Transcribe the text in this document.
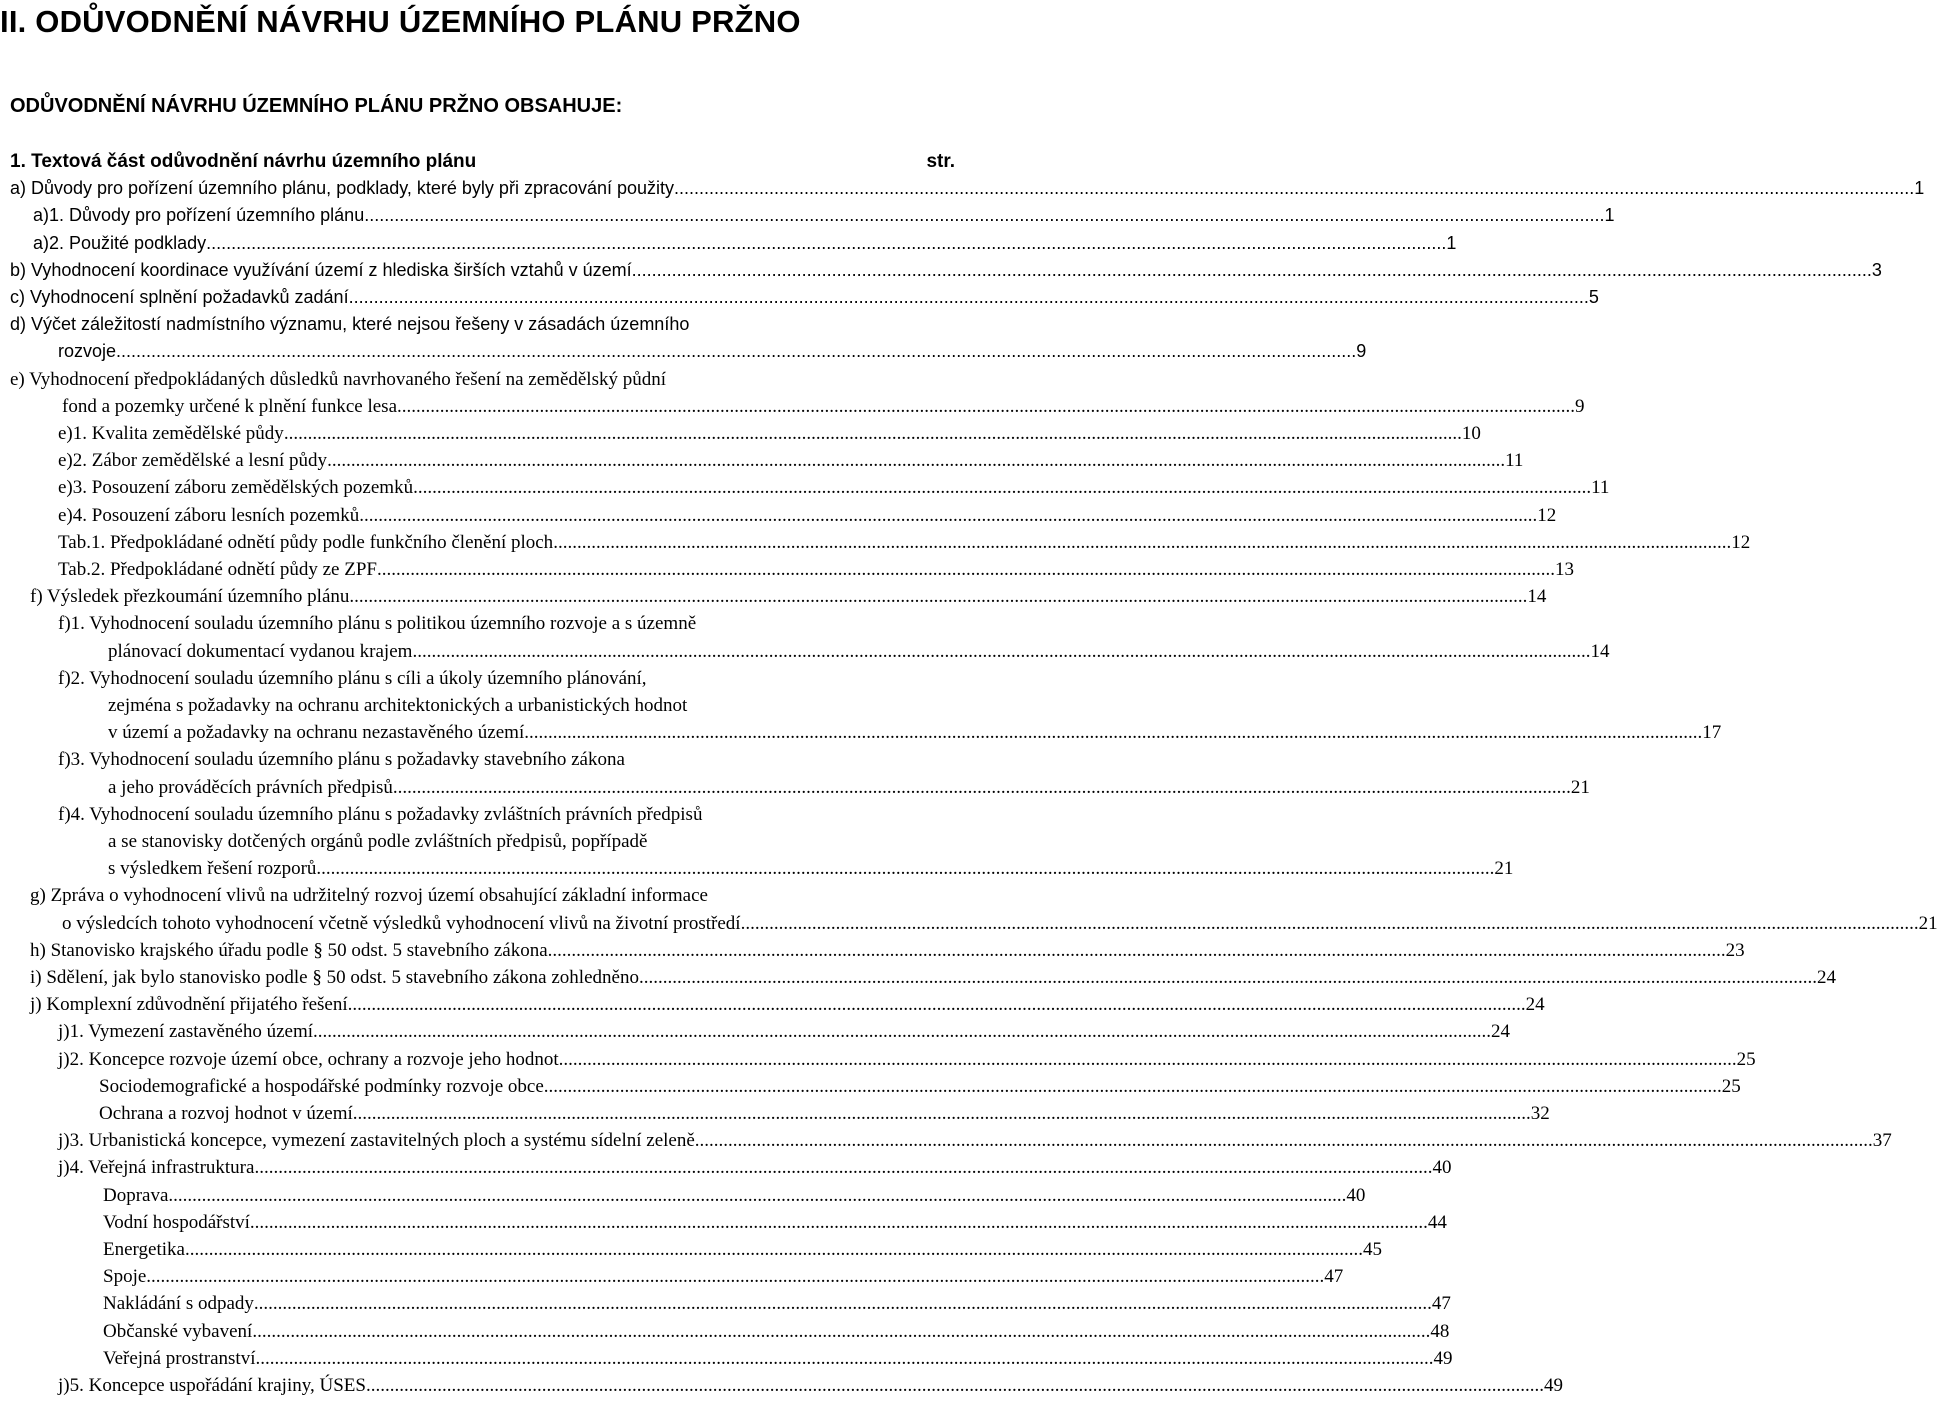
II. ODŮVODNĚNÍ NÁVRHU ÚZEMNÍHO PLÁNU PRŽNO
ODŮVODNĚNÍ NÁVRHU ÚZEMNÍHO PLÁNU PRŽNO OBSAHUJE:
1. Textová část odůvodnění návrhu územního plánu	str.
a) Důvody pro pořízení územního plánu, podklady, které byly při zpracování použity .....	1
a)1. Důvody pro pořízení územního plánu .....	1
a)2. Použité podklady .....	1
b) Vyhodnocení koordinace využívání území z hlediska širších vztahů v území .....	3
c) Vyhodnocení splnění požadavků zadání .....	5
d) Výčet záležitostí nadmístního významu, které nejsou řešeny v zásadách územního
rozvoje .....	9
e) Vyhodnocení předpokládaných důsledků navrhovaného řešení na zemědělský půdní
fond a pozemky určené k plnění funkce lesa .....	9
e)1. Kvalita zemědělské půdy .....	10
e)2. Zábor zemědělské a lesní půdy .....	11
e)3. Posouzení záboru zemědělských pozemků .....	11
e)4. Posouzení záboru lesních pozemků .....	12
Tab.1. Předpokládané odnětí půdy podle funkčního členění ploch .....	12
Tab.2. Předpokládané odnětí půdy ze ZPF .....	13
f) Výsledek přezkoumání územního plánu .....	14
f)1. Vyhodnocení souladu územního plánu s politikou územního rozvoje a s územně
plánovací dokumentací vydanou krajem .....	14
f)2. Vyhodnocení souladu územního plánu s cíli a úkoly územního plánování,
zejména s požadavky na ochranu architektonických a urbanistických hodnot
v území a požadavky na ochranu nezastavěného území .....	17
f)3. Vyhodnocení souladu územního plánu s požadavky stavebního zákona
a jeho prováděcích právních předpisů .....	21
f)4. Vyhodnocení souladu územního plánu s požadavky zvláštních právních předpisů
a se stanovisky dotčených orgánů podle zvláštních předpisů, popřípadě
s výsledkem řešení rozporů .....	21
g) Zpráva o vyhodnocení vlivů na udržitelný rozvoj území obsahující základní informace
o výsledcích tohoto vyhodnocení včetně výsledků vyhodnocení vlivů na životní prostředí .....	21
h) Stanovisko krajského úřadu podle § 50 odst. 5 stavebního zákona .....	23
i) Sdělení, jak bylo stanovisko podle § 50 odst. 5 stavebního zákona zohledněno .....	24
j) Komplexní zdůvodnění přijatého řešení .....	24
j)1. Vymezení zastavěného území .....	24
j)2. Koncepce rozvoje území obce, ochrany a rozvoje jeho hodnot .....	25
Sociodemografické a hospodářské podmínky rozvoje obce .....	25
Ochrana a rozvoj hodnot v území .....	32
j)3. Urbanistická koncepce, vymezení zastavitelných ploch a systému sídelní zeleně .....	37
j)4. Veřejná infrastruktura .....	40
Doprava .....	40
Vodní hospodářství .....	44
Energetika .....	45
Spoje .....	47
Nakládání s odpady .....	47
Občanské vybavení .....	48
Veřejná prostranství .....	49
j)5. Koncepce uspořádání krajiny, ÚSES .....	49
